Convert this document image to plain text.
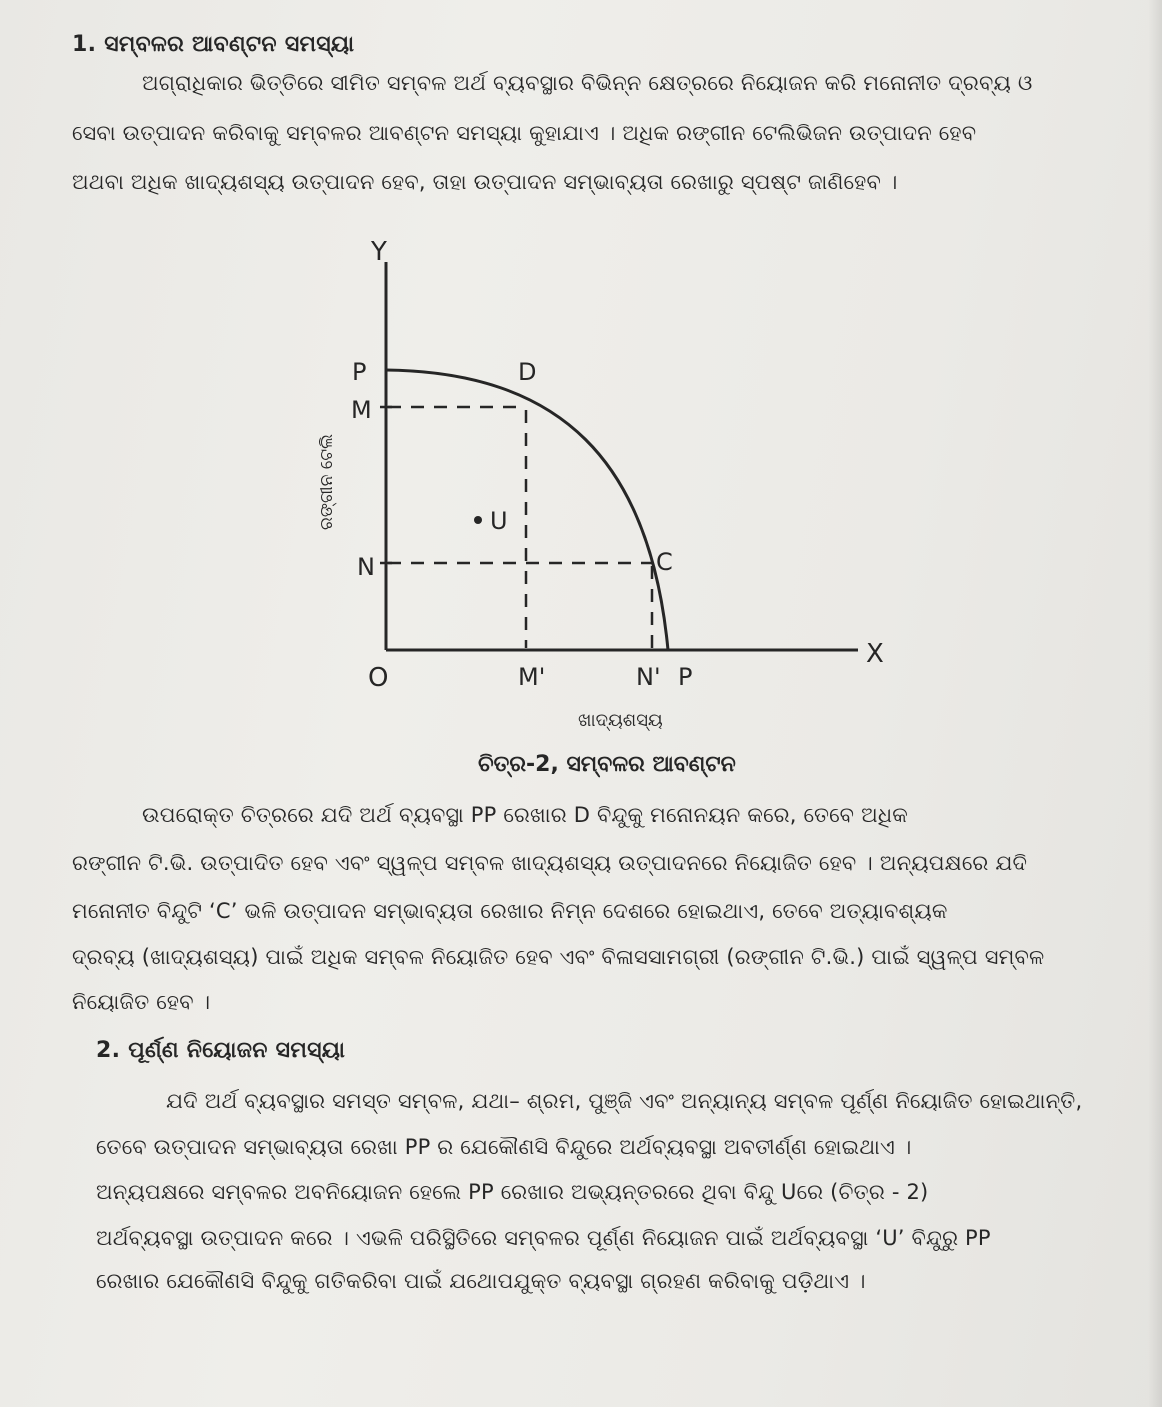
1. ସମ୍ବଳର ଆବଣ୍ଟନ ସମସ୍ୟା
ଅଗ୍ରାଧିକାର ଭିତ୍ତିରେ ସୀମିତ ସମ୍ବଳ ଅର୍ଥ ବ୍ୟବସ୍ଥାର ବିଭିନ୍ନ କ୍ଷେତ୍ରରେ ନିୟୋଜନ କରି ମନୋନୀତ ଦ୍ରବ୍ୟ ଓ
ସେବା ଉତ୍ପାଦନ କରିବାକୁ ସମ୍ବଳର ଆବଣ୍ଟନ ସମସ୍ୟା କୁହାଯାଏ । ଅଧିକ ରଙ୍ଗୀନ ଟେଲିଭିଜନ ଉତ୍ପାଦନ ହେବ
ଅଥବା ଅଧିକ ଖାଦ୍ୟଶସ୍ୟ ଉତ୍ପାଦନ ହେବ, ତାହା ଉତ୍ପାଦନ ସମ୍ଭାବ୍ୟତା ରେଖାରୁ ସ୍ପଷ୍ଟ ଜାଣିହେବ ।
Y
X
O
P
M
N
D
C
U
M'	N' P
ଖାଦ୍ୟଶସ୍ୟ
ରଙ୍ଗୀନ ଟେଲି
ଚିତ୍ର-2, ସମ୍ବଳର ଆବଣ୍ଟନ
ଉପରୋକ୍ତ ଚିତ୍ରରେ ଯଦି ଅର୍ଥ ବ୍ୟବସ୍ଥା PP ରେଖାର D ବିନ୍ଦୁକୁ ମନୋନୟନ କରେ, ତେବେ ଅଧିକ
ରଙ୍ଗୀନ ଟି.ଭି. ଉତ୍ପାଦିତ ହେବ ଏବଂ ସ୍ୱଳ୍ପ ସମ୍ବଳ ଖାଦ୍ୟଶସ୍ୟ ଉତ୍ପାଦନରେ ନିୟୋଜିତ ହେବ । ଅନ୍ୟପକ୍ଷରେ ଯଦି
ମନୋନୀତ ବିନ୍ଦୁଟି ‘C’ ଭଳି ଉତ୍ପାଦନ ସମ୍ଭାବ୍ୟତା ରେଖାର ନିମ୍ନ ଦେଶରେ ହୋଇଥାଏ, ତେବେ ଅତ୍ୟାବଶ୍ୟକ
ଦ୍ରବ୍ୟ (ଖାଦ୍ୟଶସ୍ୟ) ପାଇଁ ଅଧିକ ସମ୍ବଳ ନିୟୋଜିତ ହେବ ଏବଂ ବିଳାସସାମଗ୍ରୀ (ରଙ୍ଗୀନ ଟି.ଭି.) ପାଇଁ ସ୍ୱଳ୍ପ ସମ୍ବଳ
ନିୟୋଜିତ ହେବ ।
2. ପୂର୍ଣ୍ଣ ନିୟୋଜନ ସମସ୍ୟା
ଯଦି ଅର୍ଥ ବ୍ୟବସ୍ଥାର ସମସ୍ତ ସମ୍ବଳ, ଯଥା– ଶ୍ରମ, ପୁଞ୍ଜି ଏବଂ ଅନ୍ୟାନ୍ୟ ସମ୍ବଳ ପୂର୍ଣ୍ଣ ନିୟୋଜିତ ହୋଇଥାନ୍ତି,
ତେବେ ଉତ୍ପାଦନ ସମ୍ଭାବ୍ୟତା ରେଖା PP ର ଯେକୌଣସି ବିନ୍ଦୁରେ ଅର୍ଥବ୍ୟବସ୍ଥା ଅବତୀର୍ଣ୍ଣ ହୋଇଥାଏ ।
ଅନ୍ୟପକ୍ଷରେ ସମ୍ବଳର ଅବନିୟୋଜନ ହେଲେ PP ରେଖାର ଅଭ୍ୟନ୍ତରରେ ଥିବା ବିନ୍ଦୁ Uରେ (ଚିତ୍ର - 2)
ଅର୍ଥବ୍ୟବସ୍ଥା ଉତ୍ପାଦନ କରେ । ଏଭଳି ପରିସ୍ଥିତିରେ ସମ୍ବଳର ପୂର୍ଣ୍ଣ ନିୟୋଜନ ପାଇଁ ଅର୍ଥବ୍ୟବସ୍ଥା ‘U’ ବିନ୍ଦୁରୁ PP
ରେଖାର ଯେକୌଣସି ବିନ୍ଦୁକୁ ଗତିକରିବା ପାଇଁ ଯଥୋପଯୁକ୍ତ ବ୍ୟବସ୍ଥା ଗ୍ରହଣ କରିବାକୁ ପଡ଼ିଥାଏ ।
